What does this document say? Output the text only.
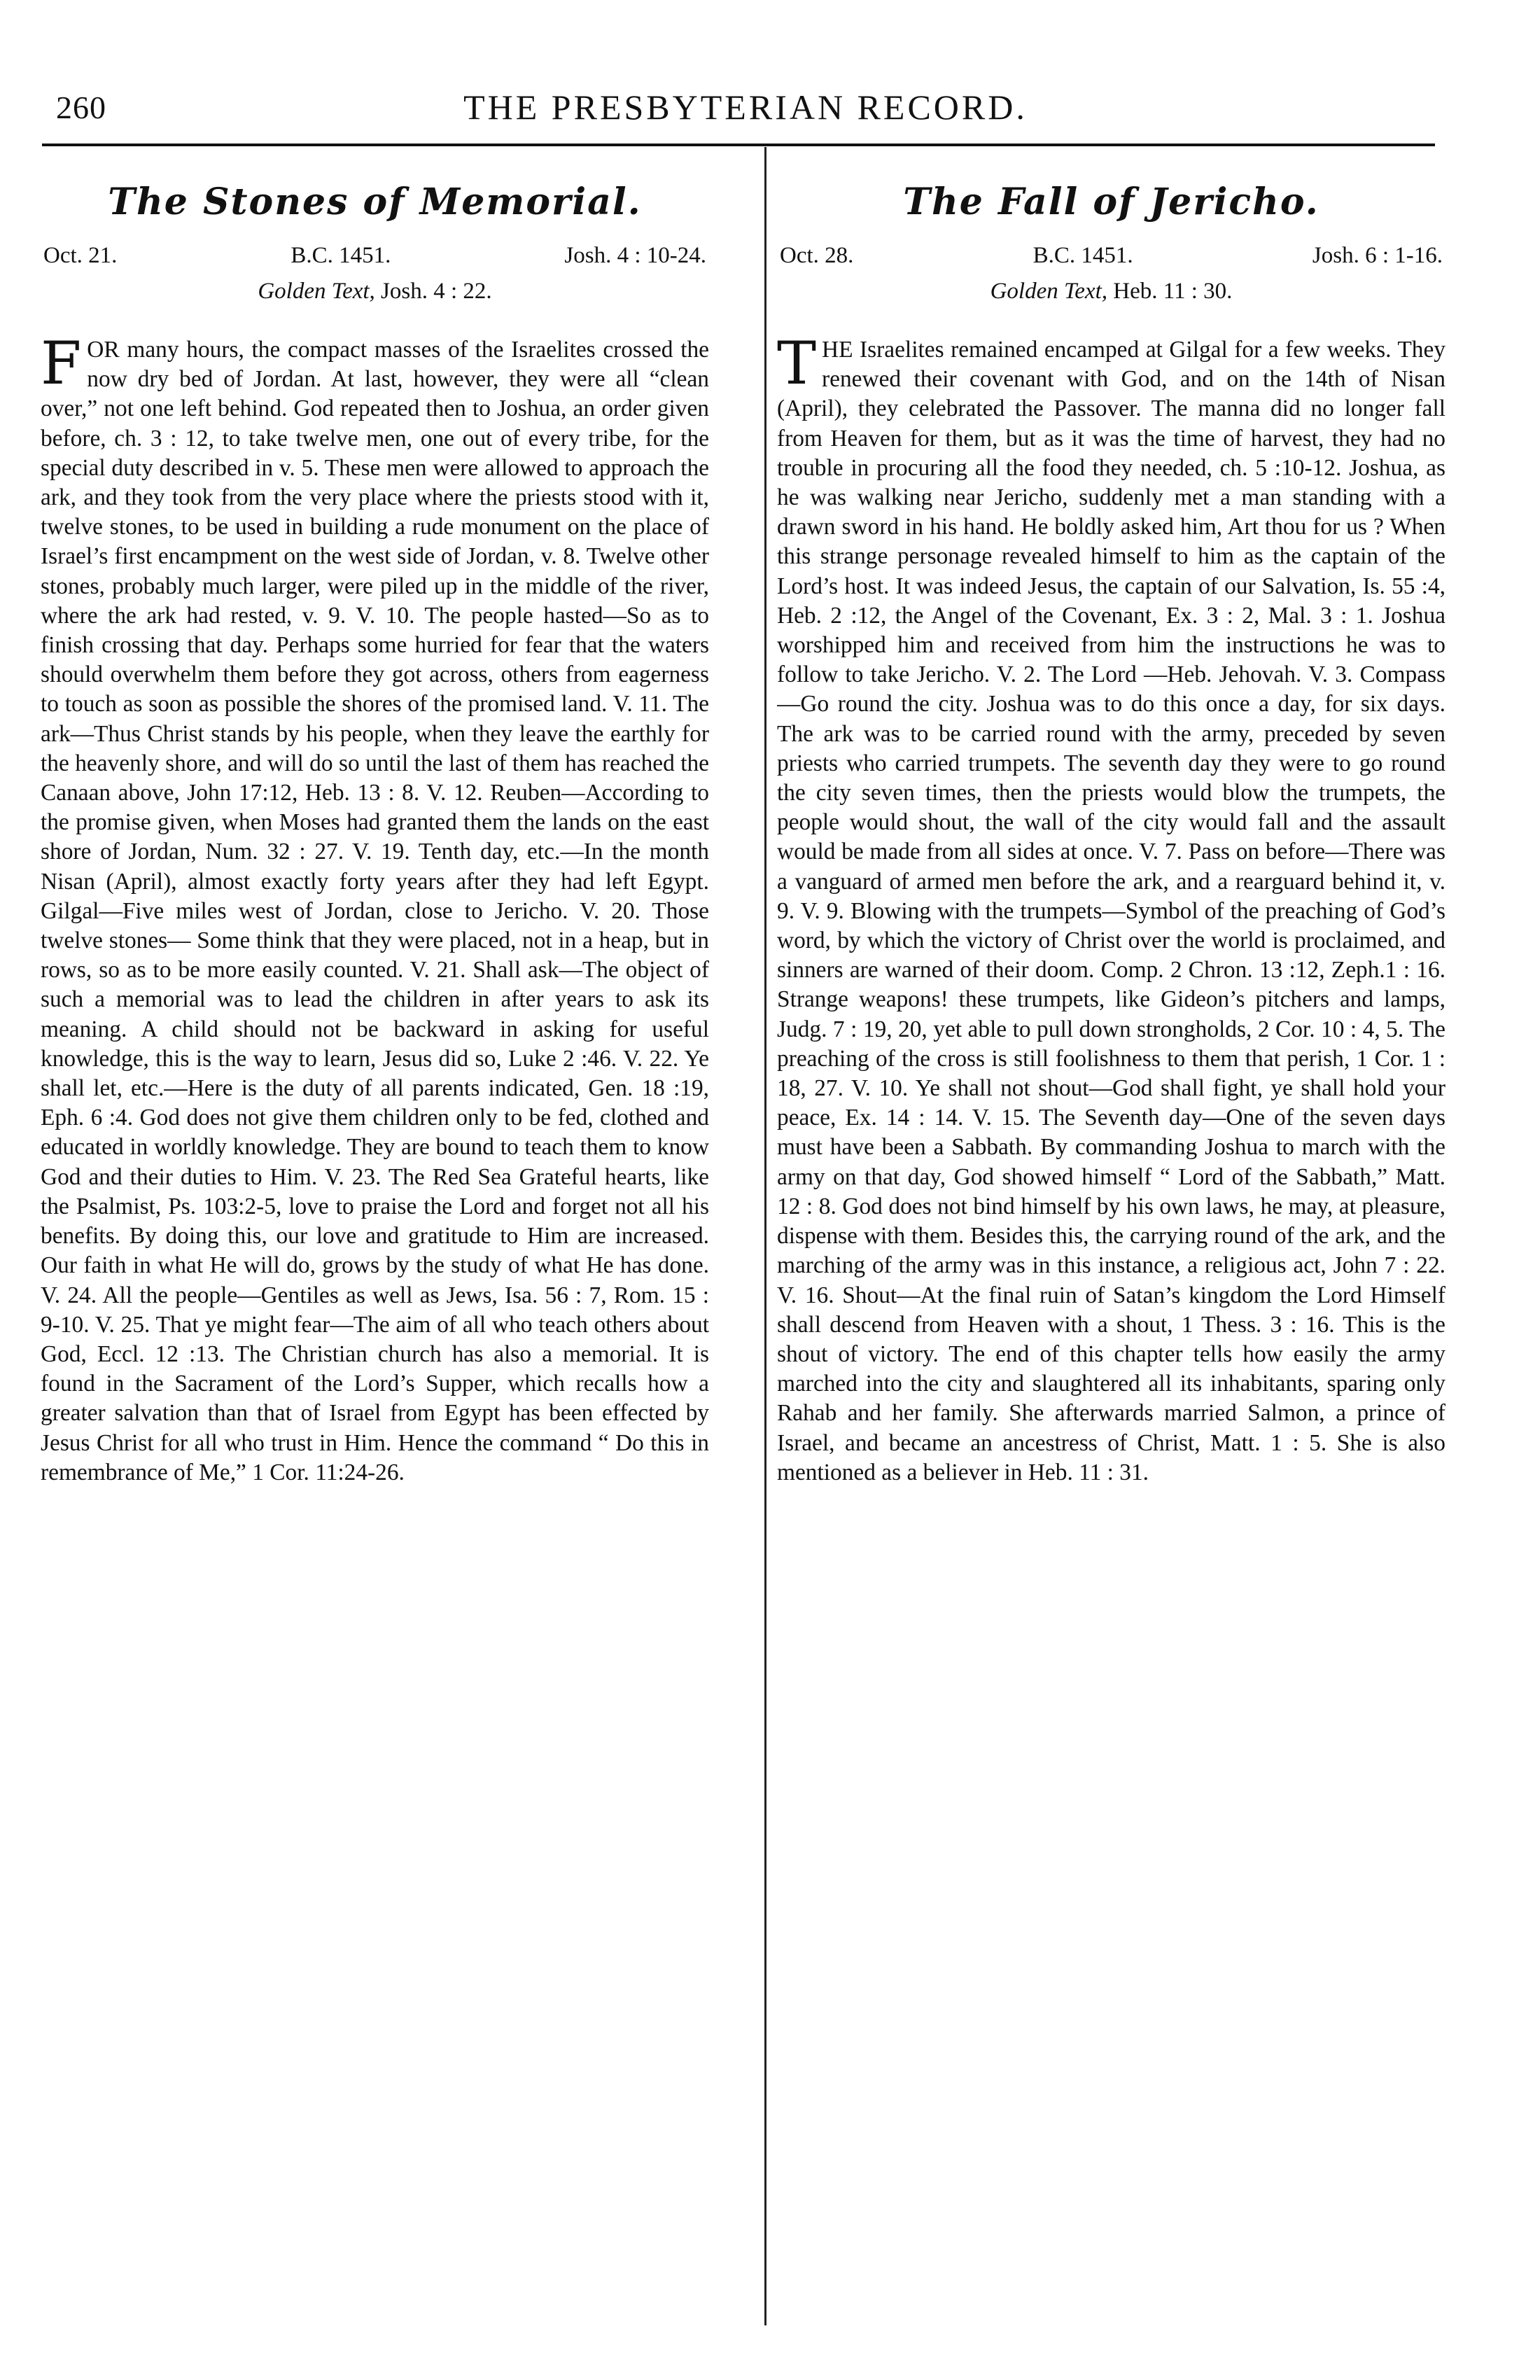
260	THE PRESBYTERIAN RECORD.
The Stones of Memorial.
Oct. 21.	B.C. 1451.	Josh. 4 : 10-24.
Golden Text, Josh. 4 : 22.

FOR many hours, the compact masses of the Israelites crossed the now dry bed of Jordan. At last, however, they were all “clean over,” not one left behind. God repeated then to Joshua, an order given before, ch. 3 : 12, to take twelve men, one out of every tribe, for the special duty described in v. 5. These men were allowed to approach the ark, and they took from the very place where the priests stood with it, twelve stones, to be used in building a rude monument on the place of Israel’s first encampment on the west side of Jordan, v. 8. Twelve other stones, probably much larger, were piled up in the middle of the river, where the ark had rested, v. 9. V. 10. The people hasted—So as to finish crossing that day. Perhaps some hurried for fear that the waters should overwhelm them before they got across, others from eagerness to touch as soon as possible the shores of the promised land. V. 11. The ark—Thus Christ stands by his people, when they leave the earthly for the heavenly shore, and will do so until the last of them has reached the Canaan above, John 17:12, Heb. 13 : 8. V. 12. Reuben—According to the promise given, when Moses had granted them the lands on the east shore of Jordan, Num. 32 : 27. V. 19. Tenth day, etc.—In the month Nisan (April), almost exactly forty years after they had left Egypt. Gilgal—Five miles west of Jordan, close to Jericho. V. 20. Those twelve stones— Some think that they were placed, not in a heap, but in rows, so as to be more easily counted. V. 21. Shall ask—The object of such a memorial was to lead the children in after years to ask its meaning. A child should not be backward in asking for useful knowledge, this is the way to learn, Jesus did so, Luke 2 :46. V. 22. Ye shall let, etc.—Here is the duty of all parents indicated, Gen. 18 :19, Eph. 6 :4. God does not give them children only to be fed, clothed and educated in worldly knowledge. They are bound to teach them to know God and their duties to Him. V. 23. The Red Sea Grateful hearts, like the Psalmist, Ps. 103:2-5, love to praise the Lord and forget not all his benefits. By doing this, our love and gratitude to Him are increased. Our faith in what He will do, grows by the study of what He has done. V. 24. All the people—Gentiles as well as Jews, Isa. 56 : 7, Rom. 15 : 9-10. V. 25. That ye might fear—The aim of all who teach others about God, Eccl. 12 :13. The Christian church has also a memorial. It is found in the Sacrament of the Lord’s Supper, which recalls how a greater salvation than that of Israel from Egypt has been effected by Jesus Christ for all who trust in Him. Hence the command “ Do this in remembrance of Me,” 1 Cor. 11:24-26.

The Fall of Jericho.
Oct. 28.	B.C. 1451.	Josh. 6 : 1-16.
Golden Text, Heb. 11 : 30.

THE Israelites remained encamped at Gilgal for a few weeks. They renewed their covenant with God, and on the 14th of Nisan (April), they celebrated the Passover. The manna did no longer fall from Heaven for them, but as it was the time of harvest, they had no trouble in procuring all the food they needed, ch. 5 :10-12. Joshua, as he was walking near Jericho, suddenly met a man standing with a drawn sword in his hand. He boldly asked him, Art thou for us ? When this strange personage revealed himself to him as the captain of the Lord’s host. It was indeed Jesus, the captain of our Salvation, Is. 55 :4, Heb. 2 :12, the Angel of the Covenant, Ex. 3 : 2, Mal. 3 : 1. Joshua worshipped him and received from him the instructions he was to follow to take Jericho. V. 2. The Lord —Heb. Jehovah. V. 3. Compass—Go round the city. Joshua was to do this once a day, for six days. The ark was to be carried round with the army, preceded by seven priests who carried trumpets. The seventh day they were to go round the city seven times, then the priests would blow the trumpets, the people would shout, the wall of the city would fall and the assault would be made from all sides at once. V. 7. Pass on before—There was a vanguard of armed men before the ark, and a rearguard behind it, v. 9. V. 9. Blowing with the trumpets—Symbol of the preaching of God’s word, by which the victory of Christ over the world is proclaimed, and sinners are warned of their doom. Comp. 2 Chron. 13 :12, Zeph.1 : 16. Strange weapons! these trumpets, like Gideon’s pitchers and lamps, Judg. 7 : 19, 20, yet able to pull down strongholds, 2 Cor. 10 : 4, 5. The preaching of the cross is still foolishness to them that perish, 1 Cor. 1 : 18, 27. V. 10. Ye shall not shout—God shall fight, ye shall hold your peace, Ex. 14 : 14. V. 15. The Seventh day—One of the seven days must have been a Sabbath. By commanding Joshua to march with the army on that day, God showed himself “ Lord of the Sabbath,” Matt. 12 : 8. God does not bind himself by his own laws, he may, at pleasure, dispense with them. Besides this, the carrying round of the ark, and the marching of the army was in this instance, a religious act, John 7 : 22. V. 16. Shout—At the final ruin of Satan’s kingdom the Lord Himself shall descend from Heaven with a shout, 1 Thess. 3 : 16. This is the shout of victory. The end of this chapter tells how easily the army marched into the city and slaughtered all its inhabitants, sparing only Rahab and her family. She afterwards married Salmon, a prince of Israel, and became an ancestress of Christ, Matt. 1 : 5. She is also mentioned as a believer in Heb. 11 : 31.
